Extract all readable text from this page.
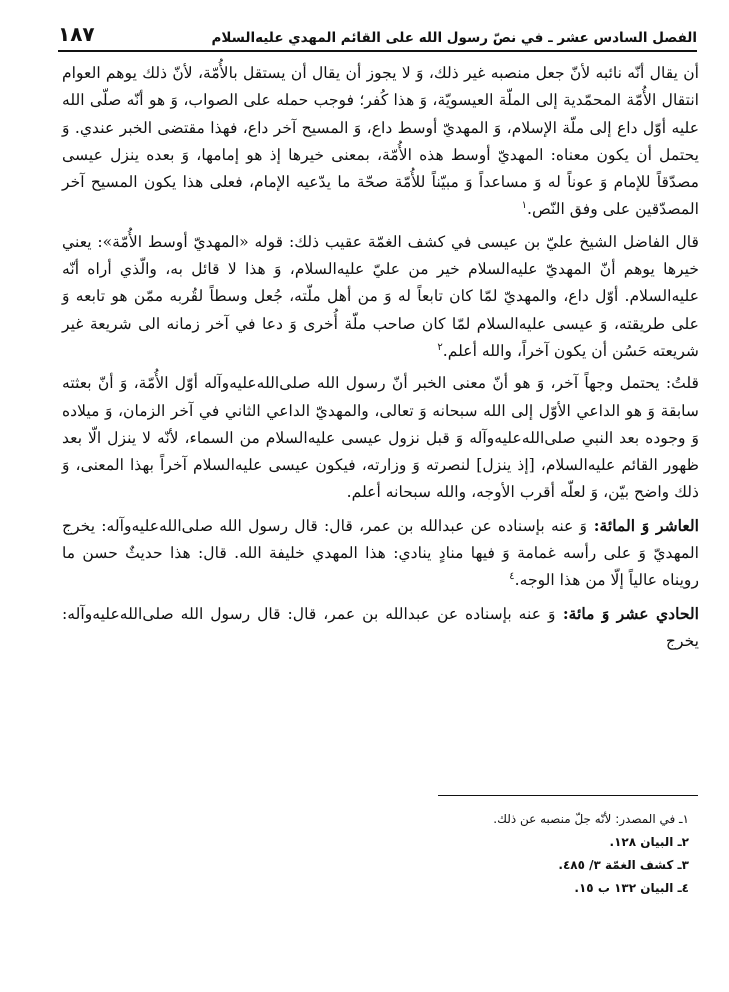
الفصل السادس عشر ـ في نصّ رسول الله على القائم المهدي عليه‌السلام
١٨٧

أن يقال أنّه نائبه لأنّ جعل منصبه غير ذلك، وَ لا يجوز أن يقال أن يستقل بالأُمّة، لأنّ ذلك يوهم العوام انتقال الأُمّة المحمّدية إلى الملّة العيسويّة، وَ هذا كُفر؛ فوجب حمله على الصواب، وَ هو أنّه صلّى الله عليه أوّل داع إلى ملّة الإسلام، وَ المهديّ أوسط داع، وَ المسيح آخر داع، فهذا مقتضى الخبر عندي. وَ يحتمل أن يكون معناه: المهديّ أوسط هذه الأُمّة، بمعنى خيرها إذ هو إمامها، وَ بعده ينزل عيسى مصدّقاً للإمام وَ عوناً له وَ مساعداً وَ مبيّناً للأُمّة صحّة ما يدّعيه الإمام، فعلى هذا يكون المسيح آخر المصدّقين على وفق النّص.$^١$

قال الفاضل الشيخ عليّ بن عيسى في كشف الغمّة عقيب ذلك: قوله «المهديّ أوسط الأُمّة»: يعني خيرها يوهم أنّ المهديّ عليه‌السلام خير من عليّ عليه‌السلام، وَ هذا لا قائل به، والّذي أراه أنّه عليه‌السلام. أوّل داع، والمهديّ لمّا كان تابعاً له وَ من أهل ملّته، جُعل وسطاً لقُربه ممّن هو تابعه وَ على طريقته، وَ عيسى عليه‌السلام لمّا كان صاحب ملّة أُخرى وَ دعا في آخر زمانه الى شريعة غير شريعته حَسُن أن يكون آخراً، والله أعلم.$^٢$

قلتُ: يحتمل وجهاً آخر، وَ هو أنّ معنى الخبر أنّ رسول الله صلى‌الله‌عليه‌وآله أوّل الأُمّة، وَ أنّ بعثته سابقة وَ هو الداعي الأوّل إلى الله سبحانه وَ تعالى، والمهديّ الداعي الثاني في آخر الزمان، وَ ميلاده وَ وجوده بعد النبي صلى‌الله‌عليه‌وآله وَ قبل نزول عيسى عليه‌السلام من السماء، لأنّه لا ينزل الّا بعد ظهور القائم عليه‌السلام، [إذ ينزل] لنصرته وَ وزارته، فيكون عيسى عليه‌السلام آخراً بهذا المعنى، وَ ذلك واضح بيّن، وَ لعلّه أقرب الأوجه، والله سبحانه أعلم.

العاشر وَ المائة: وَ عنه بإسناده عن عبدالله بن عمر، قال: قال رسول الله صلى‌الله‌عليه‌وآله: يخرج المهديّ وَ على رأسه غمامة وَ فيها منادٍ ينادي: هذا المهدي خليفة الله. قال: هذا حديثٌ حسن ما رويناه عالياً إلّا من هذا الوجه.$^٤$

الحادي عشر وَ مائة: وَ عنه بإسناده عن عبدالله بن عمر، قال: قال رسول الله صلى‌الله‌عليه‌وآله: يخرج

١ـ في المصدر: لأنّه جلّ منصبه عن ذلك.
٢ـ البيان ١٢٨.
٣ـ كشف الغمّة ٣/ ٤٨٥.
٤ـ البيان ١٣٢ ب ١٥.
